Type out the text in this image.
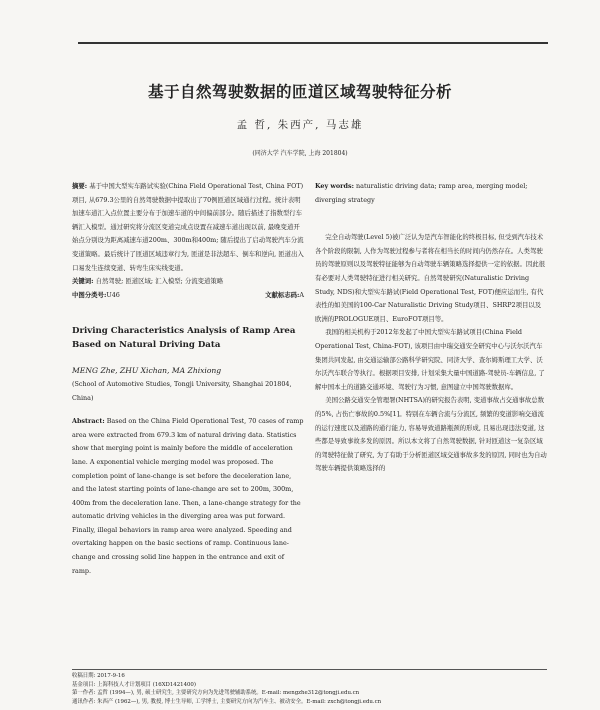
基于自然驾驶数据的匝道区域驾驶特征分析
孟 哲, 朱西产, 马志雄
(同济大学 汽车学院, 上海 201804)

摘要: 基于中国大型实车路试实验(China Field Operational Test, China FOT)项目, 从679.3公里的自然驾驶数据中提取出了70例匝道区域通行过程。统计表明加速车道汇入点位置主要分布于加速车道的中间偏前部分。随后描述了指数型行车辆汇入模型。通过研究将分流区变道完成点设置在减速车道出现以前, 最晚变道开始点分别设为距离减速车道200m、300m和400m; 随后提出了启动驾驶汽车分流变道策略。最后统计了匝道区域违章行为, 匝道是非法超车、倒车和逆向, 匝道出入口易发生连续变道、转弯生床实线变道。

关键词: 自然驾驶; 匝道区域; 汇入模型; 分流变道策略

中图分类号:U46	文献标志码:A

Driving Characteristics Analysis of Ramp Area Based on Natural Driving Data

MENG Zhe, ZHU Xichan, MA Zhixiong

(School of Automotive Studies, Tongji University, Shanghai 201804, China)

Abstract: Based on the China Field Operational Test, 70 cases of ramp area were extracted from 679.3 km of natural driving data. Statistics show that merging point is mainly before the middle of acceleration lane. A exponential vehicle merging model was proposed. The completion point of lane-change is set before the deceleration lane, and the latest starting points of lane-change are set to 200m, 300m, 400m from the deceleration lane. Then, a lane-change strategy for the automatic driving vehicles in the diverging area was put forward. Finally, illegal behaviors in ramp area were analyzed. Speeding and overtaking happen on the basic sections of ramp. Continuous lane-change and crossing solid line happen in the entrance and exit of ramp.

Key words: naturalistic driving data; ramp area, merging model; diverging strategy

完全自动驾驶(Level 5)被广泛认为是汽车智能化的终极目标, 但受到汽车技术各个阶段的限制, 人作为驾驶过程参与者将在相当长的时间内仍然存在。人类驾驶员的驾驶原则以及驾驶特征能够为自动驾驶车辆策略选择提供一定的依据。因此很有必要对人类驾驶特征进行相关研究。自然驾驶研究(Naturalistic Driving Study, NDS)和大型实车路试(Field Operational Test, FOT)便应运而生, 有代表性的如美国的100-Car Naturalistic Driving Study项目、SHRP2项目以及欧洲的PROLOGUE项目、EuroFOT项目等。

我国的相关机构于2012年发起了中国大型实车路试项目(China Field Operational Test, China-FOT), 该项目由中瑞交通安全研究中心与沃尔沃汽车集团共同发起, 由交通运输部公路科学研究院、同济大学、查尔姆斯理工大学、沃尔沃汽车联合等执行。根据项目安排, 计划采集大量中国道路-驾驶员-车辆信息, 了解中国本土的道路交通环境、驾驶行为习惯, 意图建立中国驾驶数据库。

美国公路交通安全管理署(NHTSA)的研究报告表明, 变道事故占交通事故总数的5%, 占伤亡事故的0.5%[1]。特别在车辆合流与分流区, 频繁的变道影响交通流的运行速度以及道路的通行能力, 容易导致道路瓶颈的形成, 且易出现违法变道, 这些都是导致事故多发的原因。所以本文将了自然驾驶数据, 针对匝道这一复杂区域的驾驶特征做了研究, 为了有助于分析匝道区域交通事故多发的原因, 同时也为自动驾驶车辆提供策略选择的

收稿日期: 2017-9-16

基金项目: 上海科技人才计划项目 (16XD1421400)

第一作者: 孟哲 (1994—), 男, 硕士研究生, 主要研究方向为先进驾驶辅助系统。E-mail: mengzhe312@tongji.edu.cn

通讯作者: 朱西产 (1962—), 男, 教授, 博士生导师, 工学博士, 主要研究方向为汽车主、被动安全。E-mail: zxch@tongji.edu.cn
